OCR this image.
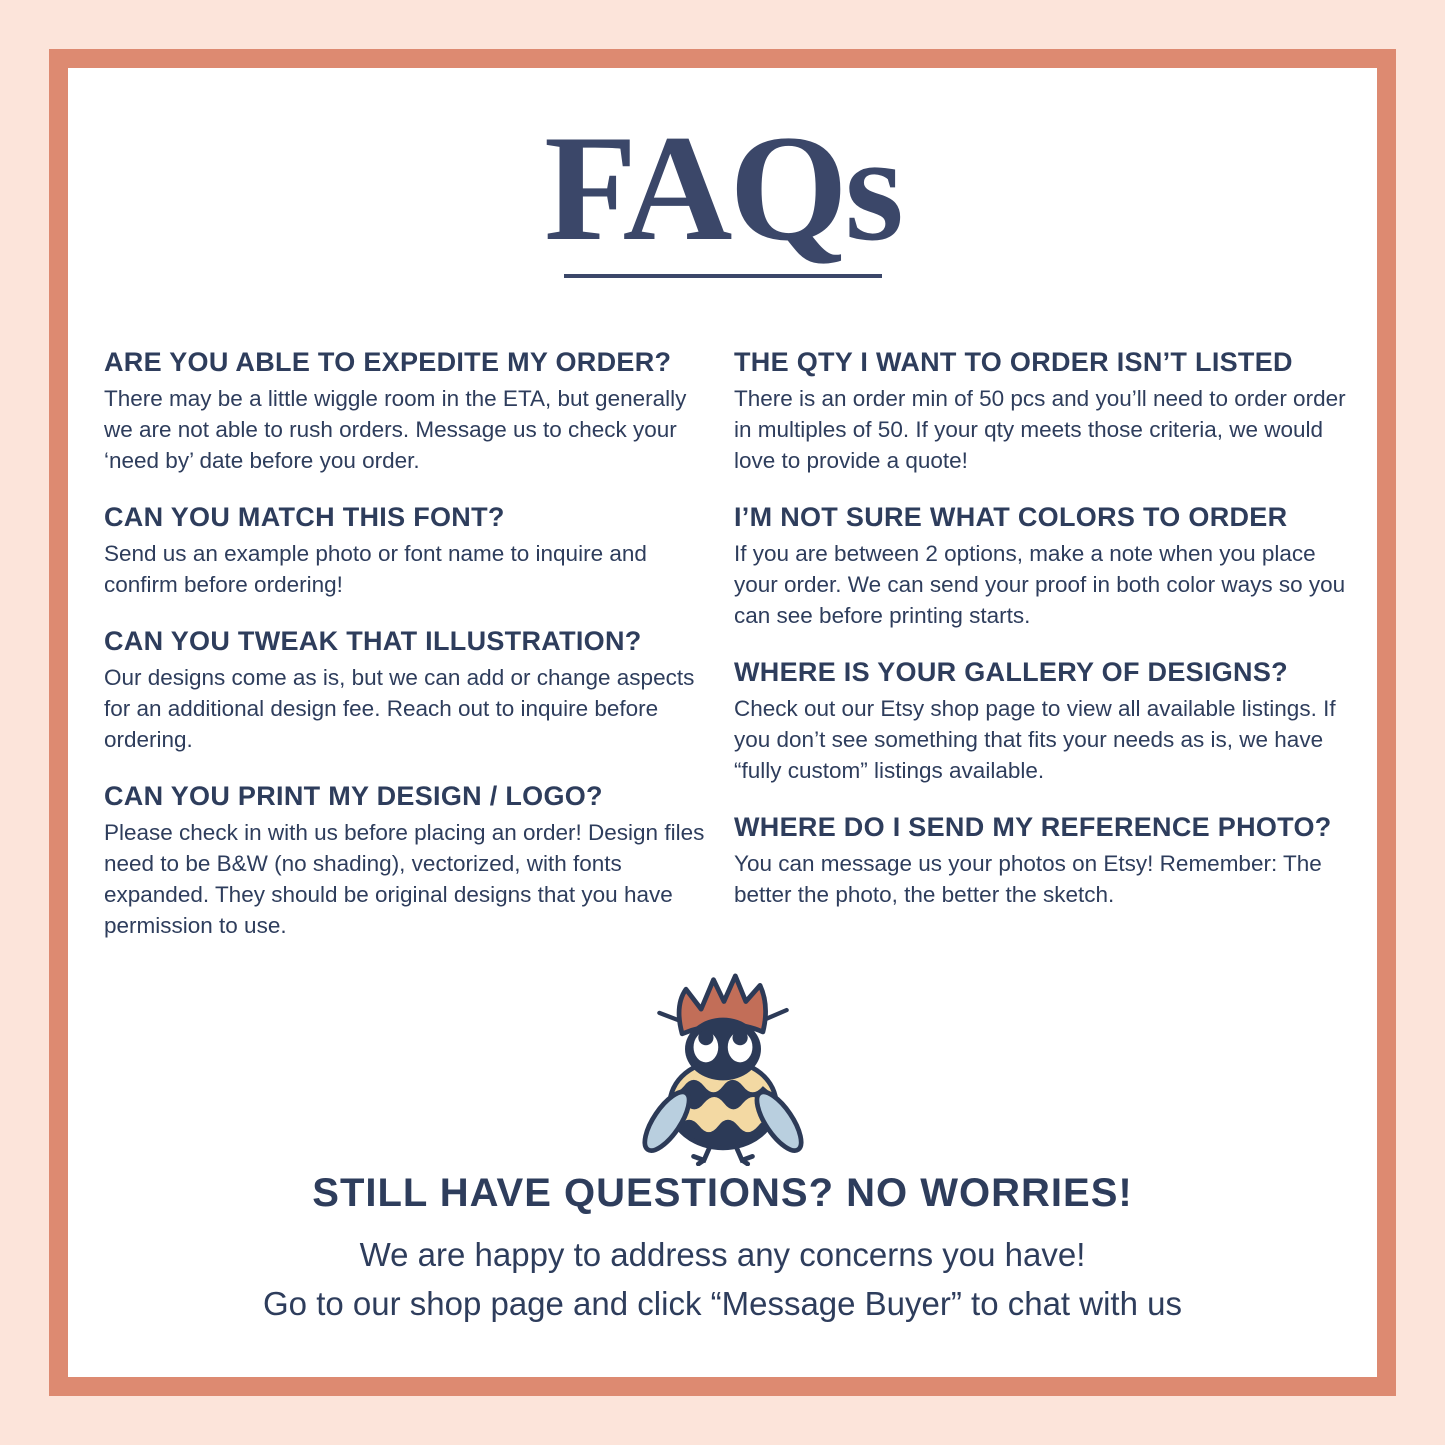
FAQs
ARE YOU ABLE TO EXPEDITE MY ORDER?

There may be a little wiggle room in the ETA, but generally we are not able to rush orders. Message us to check your ‘need by’ date before you order.

CAN YOU MATCH THIS FONT?

Send us an example photo or font name to inquire and confirm before ordering!

CAN YOU TWEAK THAT ILLUSTRATION?

Our designs come as is, but we can add or change aspects for an additional design fee. Reach out to inquire before ordering.

CAN YOU PRINT MY DESIGN / LOGO?

Please check in with us before placing an order! Design files need to be B&W (no shading), vectorized, with fonts expanded. They should be original designs that you have permission to use.

THE QTY I WANT TO ORDER ISN’T LISTED

There is an order min of 50 pcs and you’ll need to order order in multiples of 50. If your qty meets those criteria, we would love to provide a quote!

I’M NOT SURE WHAT COLORS TO ORDER

If you are between 2 options, make a note when you place your order. We can send your proof in both color ways so you can see before printing starts.

WHERE IS YOUR GALLERY OF DESIGNS?

Check out our Etsy shop page to view all available listings. If you don’t see something that fits your needs as is, we have “fully custom” listings available.

WHERE DO I SEND MY REFERENCE PHOTO?

You can message us your photos on Etsy! Remember: The better the photo, the better the sketch.

STILL HAVE QUESTIONS? NO WORRIES!

We are happy to address any concerns you have!

Go to our shop page and click “Message Buyer” to chat with us
